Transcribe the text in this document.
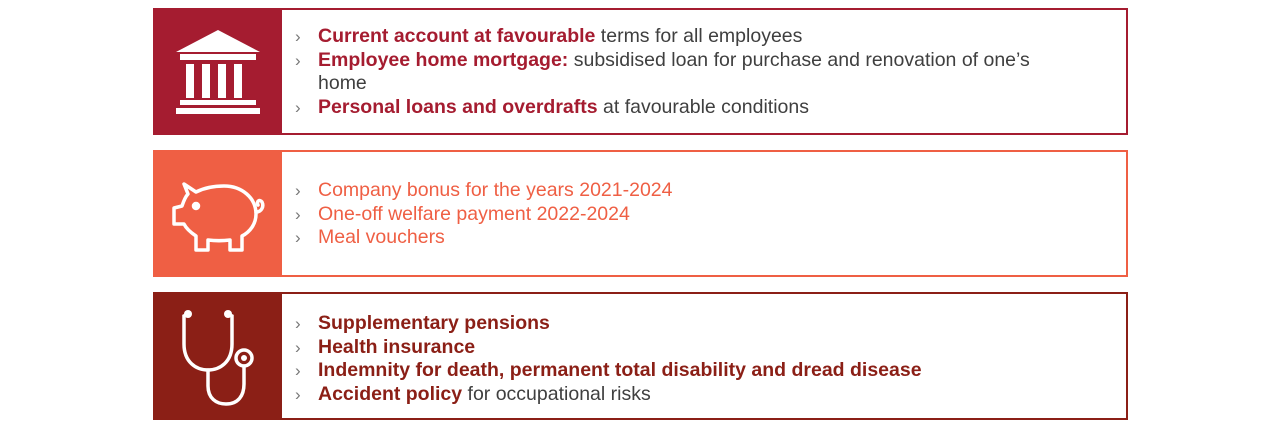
› Current account at favourable terms for all employees
› Employee home mortgage: subsidised loan for purchase and renovation of one’s home
› Personal loans and overdrafts at favourable conditions
› Company bonus for the years 2021-2024
› One-off welfare payment 2022-2024
› Meal vouchers
› Supplementary pensions
› Health insurance
› Indemnity for death, permanent total disability and dread disease
› Accident policy for occupational risks
